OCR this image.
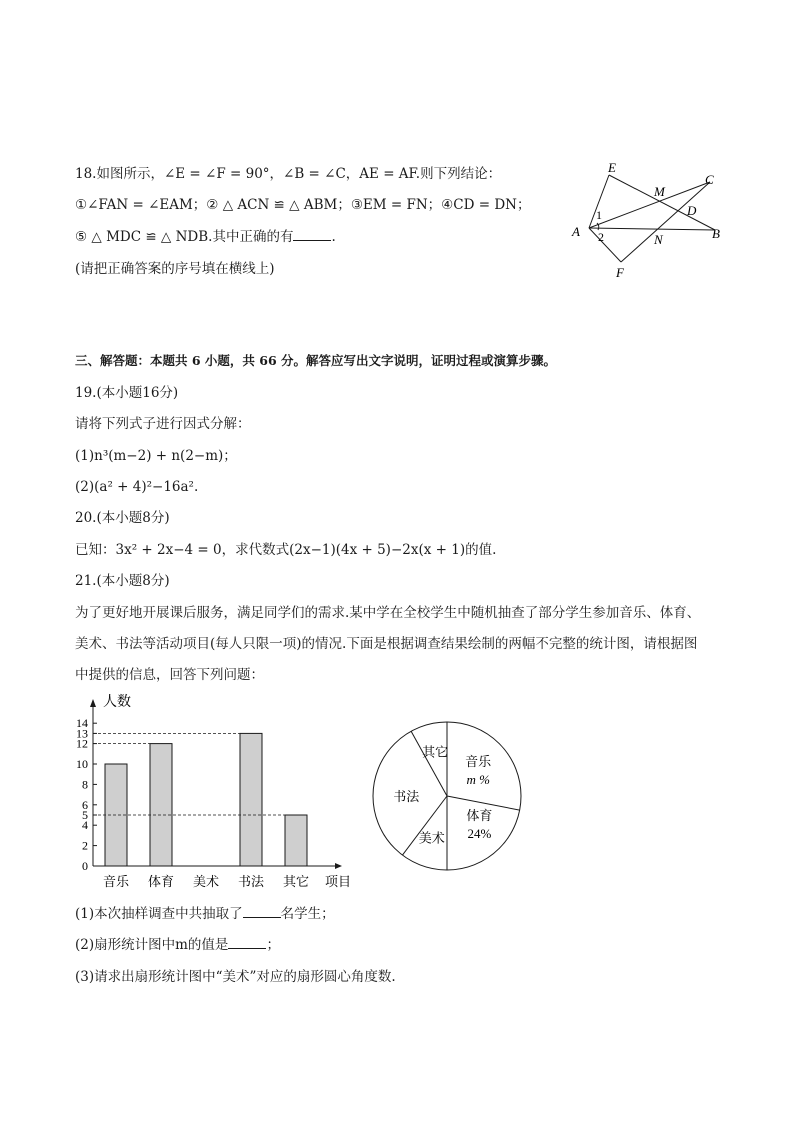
18.如图所示，∠E = ∠F = 90°，∠B = ∠C，AE = AF.则下列结论：
①∠FAN = ∠EAM；② △ ACN ≌ △ ABM；③EM = FN；④CD = DN；
⑤ △ MDC ≌ △ NDB.其中正确的有	.
(请把正确答案的序号填在横线上)
E
M
C
D
A
1
2	N	B
F
三、解答题：本题共 6 小题，共 66 分。解答应写出文字说明，证明过程或演算步骤。
19.(本小题16分)
请将下列式子进行因式分解：
(1)n³(m−2) + n(2−m)；
(2)(a² + 4)²−16a².
20.(本小题8分)
已知：3x² + 2x−4 = 0，求代数式(2x−1)(4x + 5)−2x(x + 1)的值.
21.(本小题8分)
为了更好地开展课后服务，满足同学们的需求.某中学在全校学生中随机抽查了部分学生参加音乐、体育、
美术、书法等活动项目(每人只限一项)的情况.下面是根据调查结果绘制的两幅不完整的统计图，请根据图
中提供的信息，回答下列问题：
人数
项目
0
2
4
5
6
8
10
12
13
14
音乐 体育 美术 书法 其它
音乐
m %
体育
24%
美术
书法
其它
(1)本次抽样调查中共抽取了	名学生；
(2)扇形统计图中m的值是	；
(3)请求出扇形统计图中“美术”对应的扇形圆心角度数.
